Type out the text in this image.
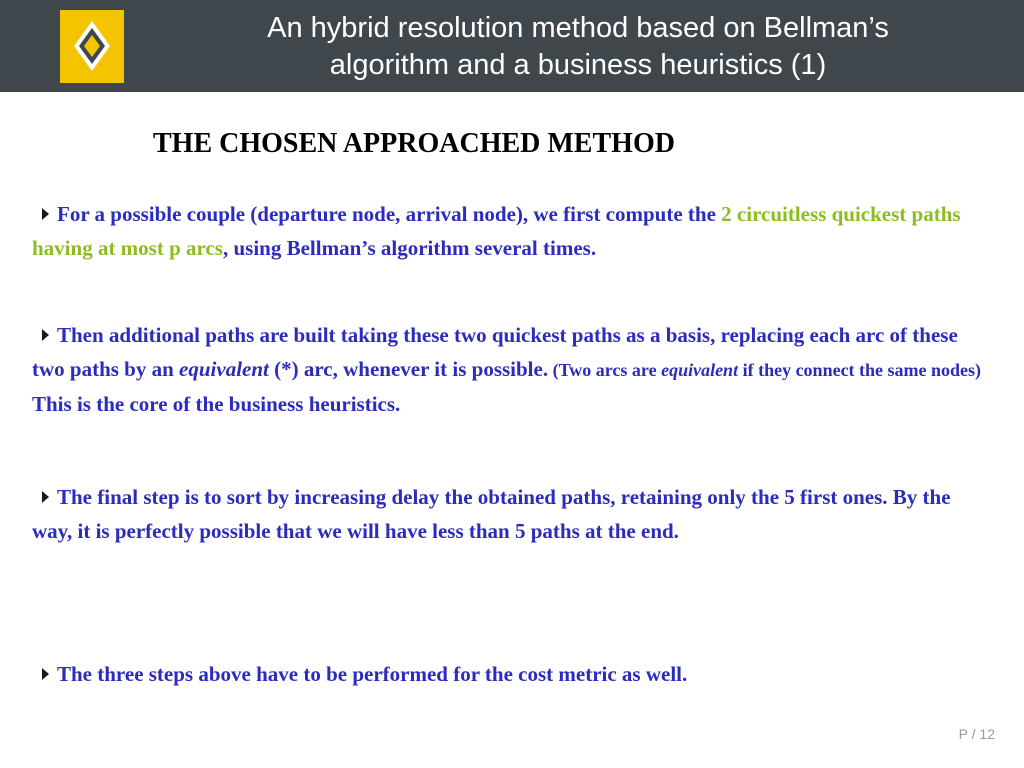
An hybrid resolution method based on Bellman’s
algorithm and a business heuristics (1)
THE CHOSEN APPROACHED METHOD

For a possible couple (departure node, arrival node), we first compute the 2 circuitless quickest paths having at most p arcs, using Bellman’s algorithm several times.

Then additional paths are built taking these two quickest paths as a basis, replacing each arc of these two paths by an equivalent (*) arc, whenever it is possible. (Two arcs are equivalent if they connect the same nodes)
This is the core of the business heuristics.

The final step is to sort by increasing delay the obtained paths, retaining only the 5 first ones. By the way, it is perfectly possible that we will have less than 5 paths at the end.

The three steps above have to be performed for the cost metric as well.

P / 12
